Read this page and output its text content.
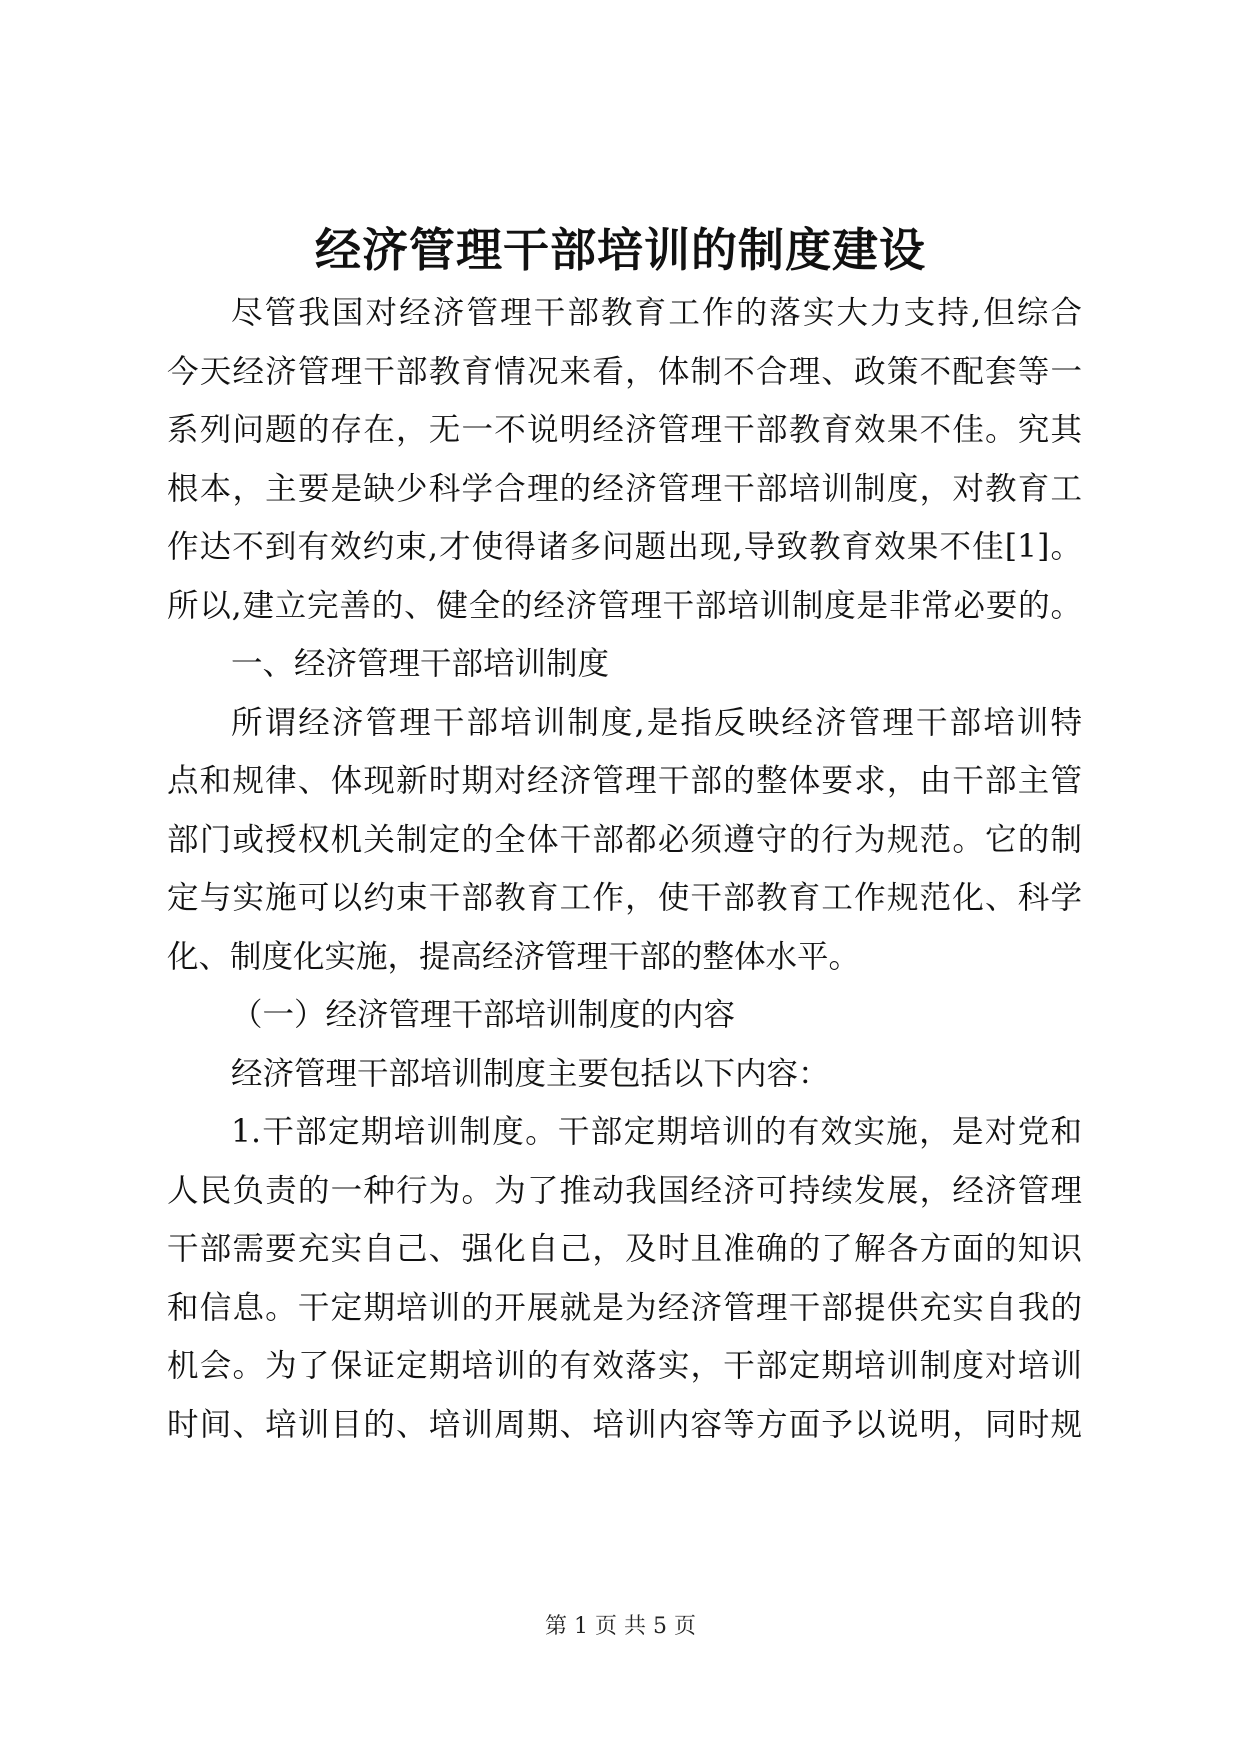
经济管理干部培训的制度建设
尽管我国对经济管理干部教育工作的落实大力支持,但综合
今天经济管理干部教育情况来看，体制不合理、政策不配套等一
系列问题的存在，无一不说明经济管理干部教育效果不佳。究其
根本，主要是缺少科学合理的经济管理干部培训制度，对教育工
作达不到有效约束,才使得诸多问题出现,导致教育效果不佳[1]。
所以,建立完善的、健全的经济管理干部培训制度是非常必要的。
一、经济管理干部培训制度
所谓经济管理干部培训制度,是指反映经济管理干部培训特
点和规律、体现新时期对经济管理干部的整体要求，由干部主管
部门或授权机关制定的全体干部都必须遵守的行为规范。它的制
定与实施可以约束干部教育工作，使干部教育工作规范化、科学
化、制度化实施，提高经济管理干部的整体水平。
（一）经济管理干部培训制度的内容
经济管理干部培训制度主要包括以下内容：
1.干部定期培训制度。干部定期培训的有效实施，是对党和
人民负责的一种行为。为了推动我国经济可持续发展，经济管理
干部需要充实自己、强化自己，及时且准确的了解各方面的知识
和信息。干定期培训的开展就是为经济管理干部提供充实自我的
机会。为了保证定期培训的有效落实，干部定期培训制度对培训
时间、培训目的、培训周期、培训内容等方面予以说明，同时规
第 1 页 共 5 页
